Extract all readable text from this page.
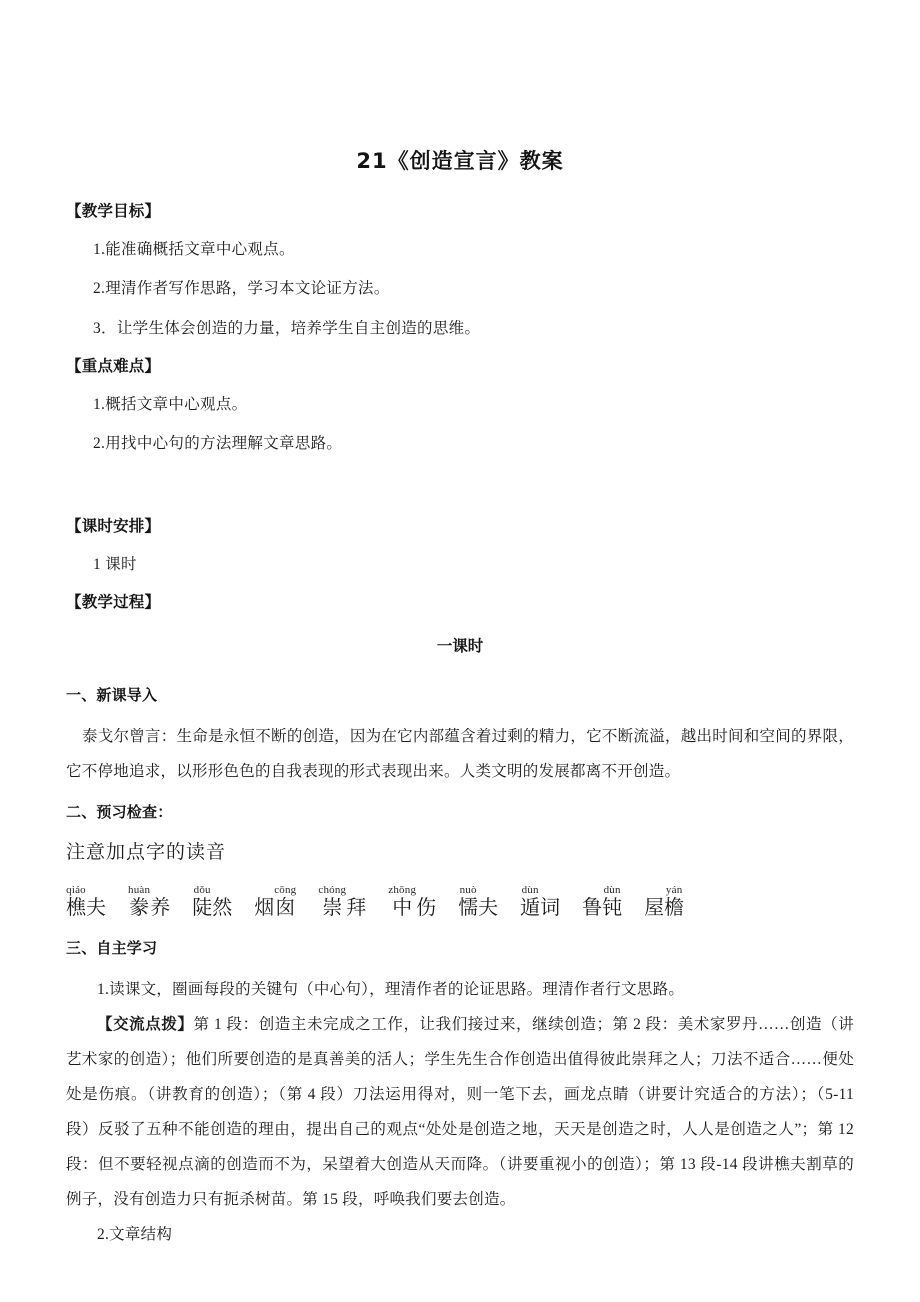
21《创造宣言》教案
【教学目标】
1.能准确概括文章中心观点。
2.理清作者写作思路，学习本文论证方法。
3．让学生体会创造的力量，培养学生自主创造的思维。
【重点难点】
1.概括文章中心观点。
2.用找中心句的方法理解文章思路。
【课时安排】
1 课时
【教学过程】
一课时
一、新课导入
泰戈尔曾言：生命是永恒不断的创造，因为在它内部蕴含着过剩的精力，它不断流溢，越出时间和空间的界限，它不停地追求，以形形色色的自我表现的形式表现出来。人类文明的发展都离不开创造。
二、预习检查：
注意加点字的读音
qiáo
樵 夫
huàn
豢 养
dǒu
陡 然 烟
cōng
囱
chóng
崇 拜
zhōng
中 伤
nuò
懦 夫
dùn
遁 词 鲁
dùn
钝 屋
yán
檐
三、自主学习
1.读课文，圈画每段的关键句（中心句），理清作者的论证思路。理清作者行文思路。
【交流点拨】第 1 段：创造主未完成之工作，让我们接过来，继续创造；第 2 段：美术家罗丹……创造（讲艺术家的创造）；他们所要创造的是真善美的活人；学生先生合作创造出值得彼此崇拜之人；刀法不适合……便处处是伤痕。（讲教育的创造）；（第 4 段）刀法运用得对，则一笔下去，画龙点睛（讲要计究适合的方法）；（5-11 段）反驳了五种不能创造的理由，提出自己的观点“处处是创造之地，天天是创造之时，人人是创造之人”；第 12 段：但不要轻视点滴的创造而不为，呆望着大创造从天而降。（讲要重视小的创造）；第 13 段-14 段讲樵夫割草的例子，没有创造力只有扼杀树苗。第 15 段，呼唤我们要去创造。
2.文章结构
